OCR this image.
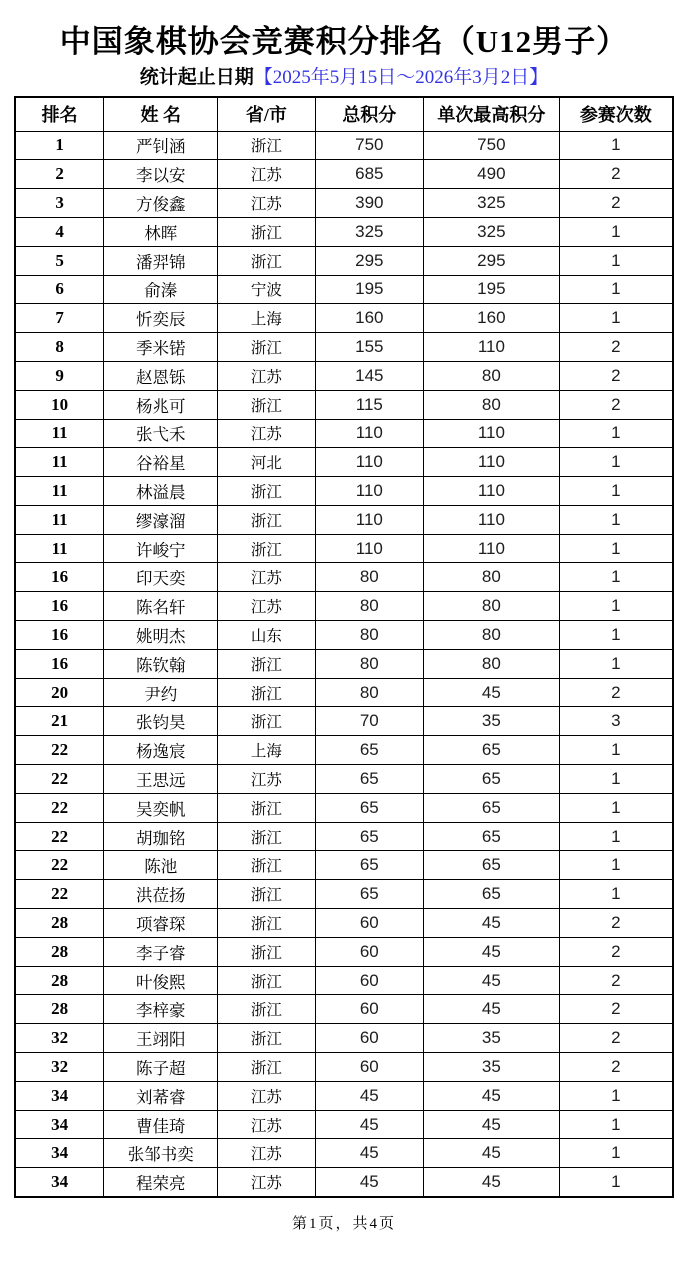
中国象棋协会竞赛积分排名（U12男子）
统计起止日期【2025年5月15日～2026年3月2日】
排名	姓 名	省/市	总积分	单次最高积分	参赛次数
1	严钊涵	浙江	750	750	1
2	李以安	江苏	685	490	2
3	方俊鑫	江苏	390	325	2
4	林晖	浙江	325	325	1
5	潘羿锦	浙江	295	295	1
6	俞溱	宁波	195	195	1
7	忻奕辰	上海	160	160	1
8	季米锘	浙江	155	110	2
9	赵恩铄	江苏	145	80	2
10	杨兆可	浙江	115	80	2
11	张弋禾	江苏	110	110	1
11	谷裕星	河北	110	110	1
11	林溢晨	浙江	110	110	1
11	缪濠溜	浙江	110	110	1
11	许峻宁	浙江	110	110	1
16	印天奕	江苏	80	80	1
16	陈名轩	江苏	80	80	1
16	姚明杰	山东	80	80	1
16	陈钦翰	浙江	80	80	1
20	尹约	浙江	80	45	2
21	张钧昊	浙江	70	35	3
22	杨逸宸	上海	65	65	1
22	王思远	江苏	65	65	1
22	吴奕帆	浙江	65	65	1
22	胡珈铭	浙江	65	65	1
22	陈池	浙江	65	65	1
22	洪莅扬	浙江	65	65	1
28	项睿琛	浙江	60	45	2
28	李子睿	浙江	60	45	2
28	叶俊熙	浙江	60	45	2
28	李梓豪	浙江	60	45	2
32	王翊阳	浙江	60	35	2
32	陈子超	浙江	60	35	2
34	刘莃睿	江苏	45	45	1
34	曹佳琦	江苏	45	45	1
34	张邹书奕	江苏	45	45	1
34	程荣亮	江苏	45	45	1
第1页，共4页
